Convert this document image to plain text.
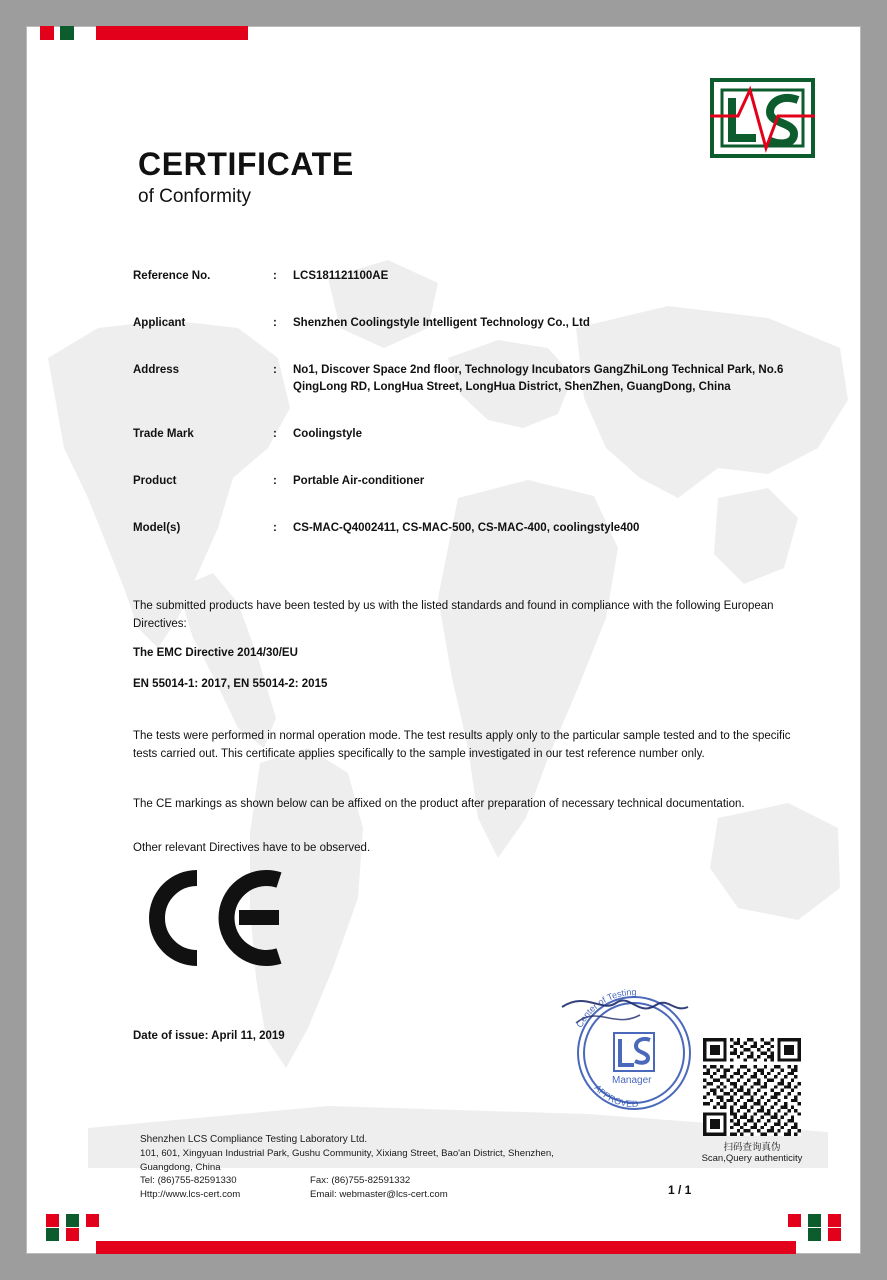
CERTIFICATE
of Conformity
Reference No.	:	LCS181121100AE
Applicant	:	Shenzhen Coolingstyle Intelligent Technology Co., Ltd
Address	:	No1, Discover Space 2nd floor, Technology Incubators GangZhiLong Technical Park, No.6 QingLong RD, LongHua Street, LongHua District, ShenZhen, GuangDong, China
Trade Mark	:	Coolingstyle
Product	:	Portable Air-conditioner
Model(s)	:	CS-MAC-Q4002411, CS-MAC-500, CS-MAC-400, coolingstyle400
The submitted products have been tested by us with the listed standards and found in compliance with the following European Directives:
The EMC Directive 2014/30/EU
EN 55014-1: 2017, EN 55014-2: 2015
The tests were performed in normal operation mode. The test results apply only to the particular sample tested and to the specific tests carried out. This certificate applies specifically to the sample investigated in our test reference number only.
The CE markings as shown below can be affixed on the product after preparation of necessary technical documentation.
Other relevant Directives have to be observed.
Date of issue: April 11, 2019
Center of Testing
APPROVED
Manager
扫码查询真伪
Scan,Query authenticity
Shenzhen LCS Compliance Testing Laboratory Ltd.
101, 601, Xingyuan Industrial Park, Gushu Community, Xixiang Street, Bao'an District, Shenzhen,
Guangdong, China
Tel: (86)755-82591330	Fax: (86)755-82591332
Http://www.lcs-cert.com	Email: webmaster@lcs-cert.com	1 / 1
